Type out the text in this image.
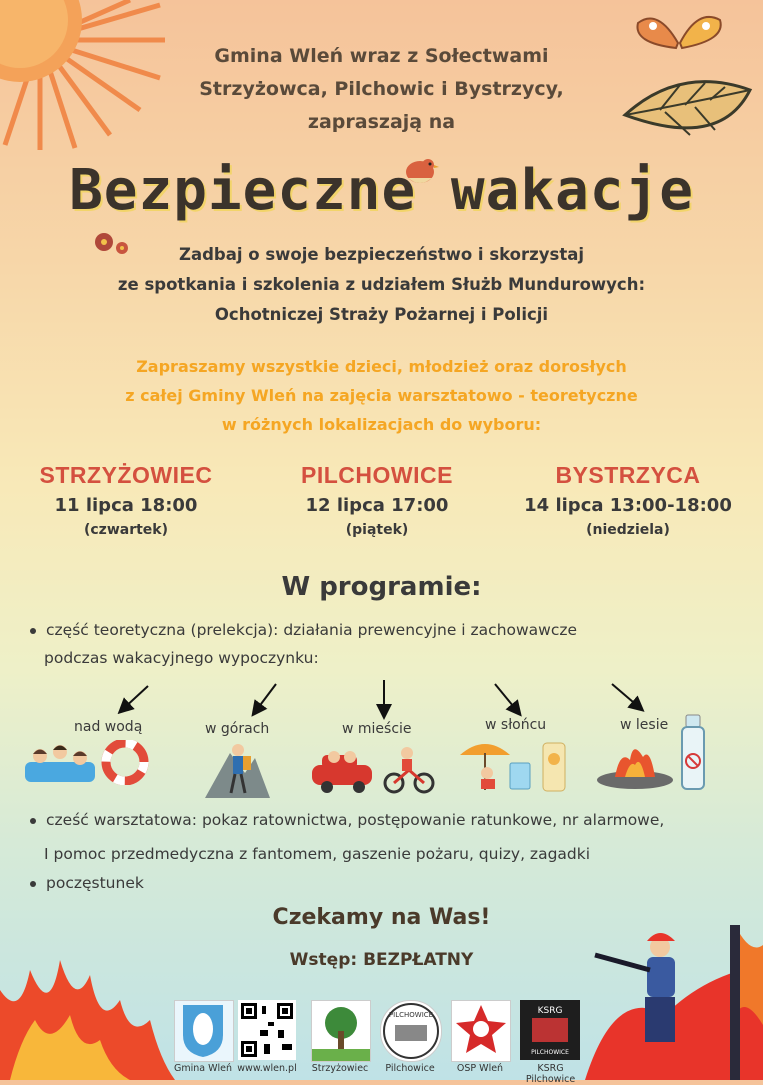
Gmina Wleń wraz z Sołectwami
Strzyżowca, Pilchowic i Bystrzycy,
zapraszają na
Bezpieczne wakacje
Zadbaj o swoje bezpieczeństwo i skorzystaj
ze spotkania i szkolenia z udziałem Służb Mundurowych:
Ochotniczej Straży Pożarnej i Policji
Zapraszamy wszystkie dzieci, młodzież oraz dorosłych
z całej Gminy Wleń na zajęcia warsztatowo - teoretyczne
w różnych lokalizacjach do wyboru:
STRZYŻOWIEC
11 lipca 18:00
(czwartek)
PILCHOWICE
12 lipca 17:00
(piątek)
BYSTRZYCA
14 lipca 13:00-18:00
(niedziela)
W programie:
część teoretyczna (prelekcja): działania prewencyjne i zachowawcze
podczas wakacyjnego wypoczynku:
nad wodą	w górach	w mieście	w słońcu	w lesie
cześć warsztatowa: pokaz ratownictwa, postępowanie ratunkowe, nr alarmowe,
I pomoc przedmedyczna z fantomem, gaszenie pożaru, quizy, zagadki
poczęstunek
Czekamy na Was!
Wstęp: BEZPŁATNY
Gmina Wleń www.wlen.pl	Strzyżowiec
PILCHOWICE
Pilchowice	OSP Wleń
KSRG
PILCHOWICE
KSRG Pilchowice
